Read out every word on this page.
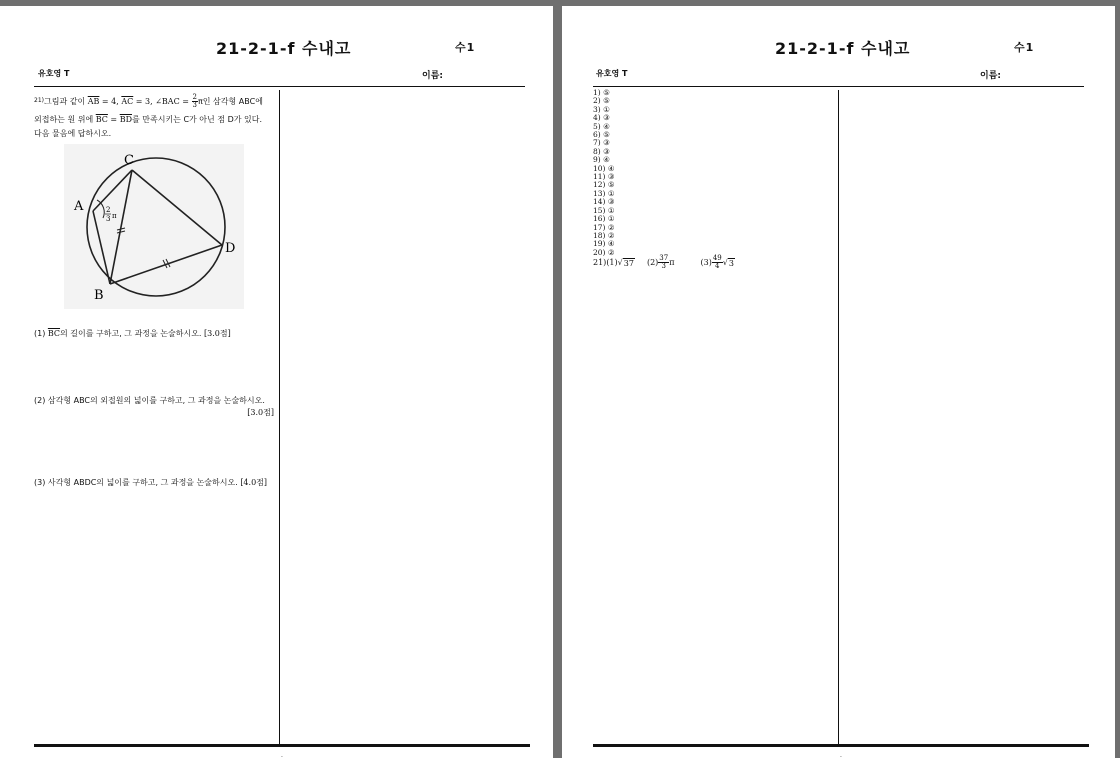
21-2-1-f 수내고	수1
유호영 T	이름:
$^{21)}$그림과 같이 $\overline{AB} = 4$, $\overline{AC} = 3$, ∠BAC = $\frac{2}{3}$ π인 삼각형 ABC에
외접하는 원 위에 $\overline{BC} = \overline{BD}$를 만족시키는 C가 아닌 점 D가 있다.
다음 물음에 답하시오.
A
B
C
D
2
3 π
(1) $\overline{BC}$의 길이를 구하고, 그 과정을 논술하시오. [3.0점]
(2) 삼각형 ABC의 외접원의 넓이를 구하고, 그 과정을 논술하시오.
[3.0점]
(3) 사각형 ABDC의 넓이를 구하고, 그 과정을 논술하시오. [4.0점]
-
21-2-1-f 수내고	수1
유호영 T	이름:
-
1) ⑤
2) ⑤
3) ①
4) ③
5) ④
6) ⑤
7) ③
8) ③
9) ④
10) ④
11) ③
12) ⑤
13) ①
14) ③
15) ①
16) ①
17) ②
18) ②
19) ④
20) ②
21) (1) √ 37 $(2) \frac{37}{3}$ π	$(3) \frac{49}{4}$ √ 3
